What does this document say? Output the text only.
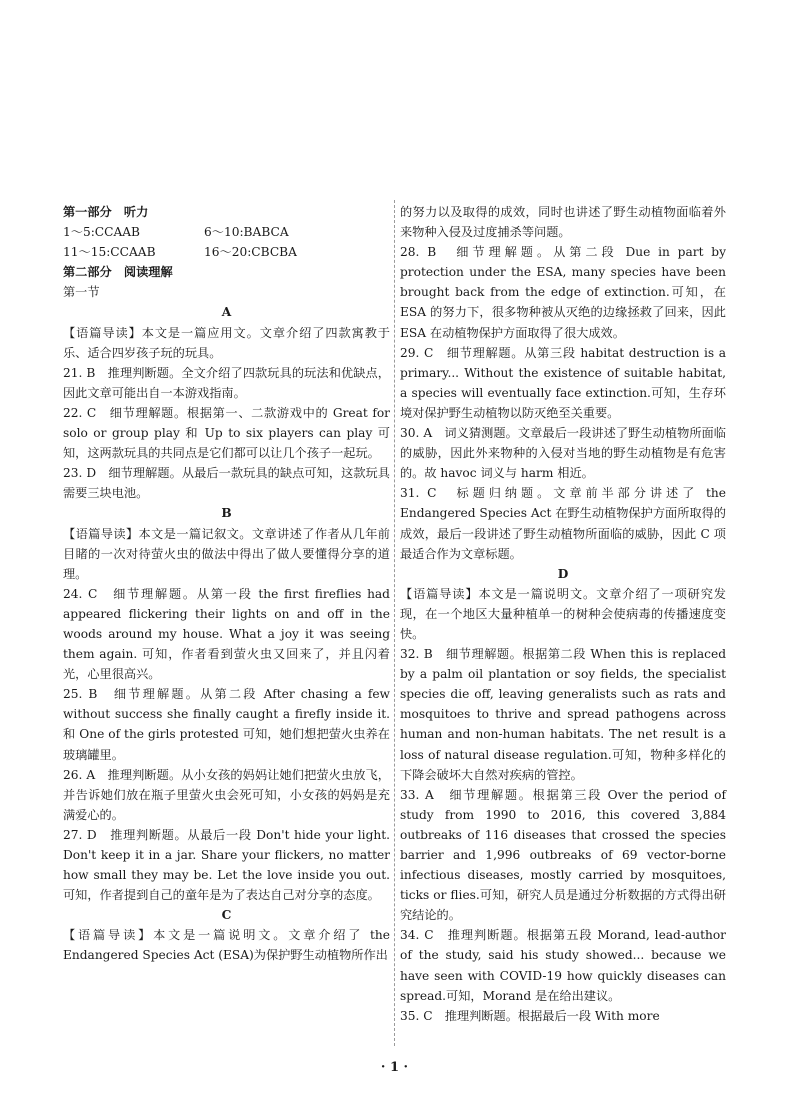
第一部分　听力

1～5:CCAAB	6～10:BABCA
11～15:CCAAB	16～20:CBCBA

第二部分　阅读理解

第一节

A

【语篇导读】本文是一篇应用文。文章介绍了四款寓教于乐、适合四岁孩子玩的玩具。

21. B　推理判断题。全文介绍了四款玩具的玩法和优缺点，因此文章可能出自一本游戏指南。

22. C　细节理解题。根据第一、二款游戏中的 Great for solo or group play 和 Up to six players can play 可知，这两款玩具的共同点是它们都可以让几个孩子一起玩。

23. D　细节理解题。从最后一款玩具的缺点可知，这款玩具需要三块电池。

B

【语篇导读】本文是一篇记叙文。文章讲述了作者从几年前目睹的一次对待萤火虫的做法中得出了做人要懂得分享的道理。

24. C　细节理解题。从第一段 the first fireflies had appeared flickering their lights on and off in the woods around my house. What a joy it was seeing them again. 可知，作者看到萤火虫又回来了，并且闪着光，心里很高兴。

25. B　细节理解题。从第二段 After chasing a few without success she finally caught a firefly inside it.和 One of the girls protested 可知，她们想把萤火虫养在玻璃罐里。

26. A　推理判断题。从小女孩的妈妈让她们把萤火虫放飞，并告诉她们放在瓶子里萤火虫会死可知，小女孩的妈妈是充满爱心的。

27. D　推理判断题。从最后一段 Don't hide your light. Don't keep it in a jar. Share your flickers, no matter how small they may be. Let the love inside you out.可知，作者提到自己的童年是为了表达自己对分享的态度。

C

【语篇导读】本文是一篇说明文。文章介绍了 the Endangered Species Act (ESA)为保护野生动植物所作出

的努力以及取得的成效，同时也讲述了野生动植物面临着外来物种入侵及过度捕杀等问题。

28. B　细节理解题。从第二段 Due in part by protection under the ESA, many species have been brought back from the edge of extinction.可知，在 ESA 的努力下，很多物种被从灭绝的边缘拯救了回来，因此 ESA 在动植物保护方面取得了很大成效。

29. C　细节理解题。从第三段 habitat destruction is a primary... Without the existence of suitable habitat, a species will eventually face extinction.可知，生存环境对保护野生动植物以防灭绝至关重要。

30. A　词义猜测题。文章最后一段讲述了野生动植物所面临的威胁，因此外来物种的入侵对当地的野生动植物是有危害的。故 havoc 词义与 harm 相近。

31. C　标题归纳题。文章前半部分讲述了 the Endangered Species Act 在野生动植物保护方面所取得的成效，最后一段讲述了野生动植物所面临的威胁，因此 C 项最适合作为文章标题。

D

【语篇导读】本文是一篇说明文。文章介绍了一项研究发现，在一个地区大量种植单一的树种会使病毒的传播速度变快。

32. B　细节理解题。根据第二段 When this is replaced by a palm oil plantation or soy fields, the specialist species die off, leaving generalists such as rats and mosquitoes to thrive and spread pathogens across human and non-human habitats. The net result is a loss of natural disease regulation.可知，物种多样化的下降会破坏大自然对疾病的管控。

33. A　细节理解题。根据第三段 Over the period of study from 1990 to 2016, this covered 3,884 outbreaks of 116 diseases that crossed the species barrier and 1,996 outbreaks of 69 vector-borne infectious diseases, mostly carried by mosquitoes, ticks or flies.可知，研究人员是通过分析数据的方式得出研究结论的。

34. C　推理判断题。根据第五段 Morand, lead-author of the study, said his study showed... because we have seen with COVID-19 how quickly diseases can spread.可知，Morand 是在给出建议。

35. C　推理判断题。根据最后一段 With more

· 1 ·
